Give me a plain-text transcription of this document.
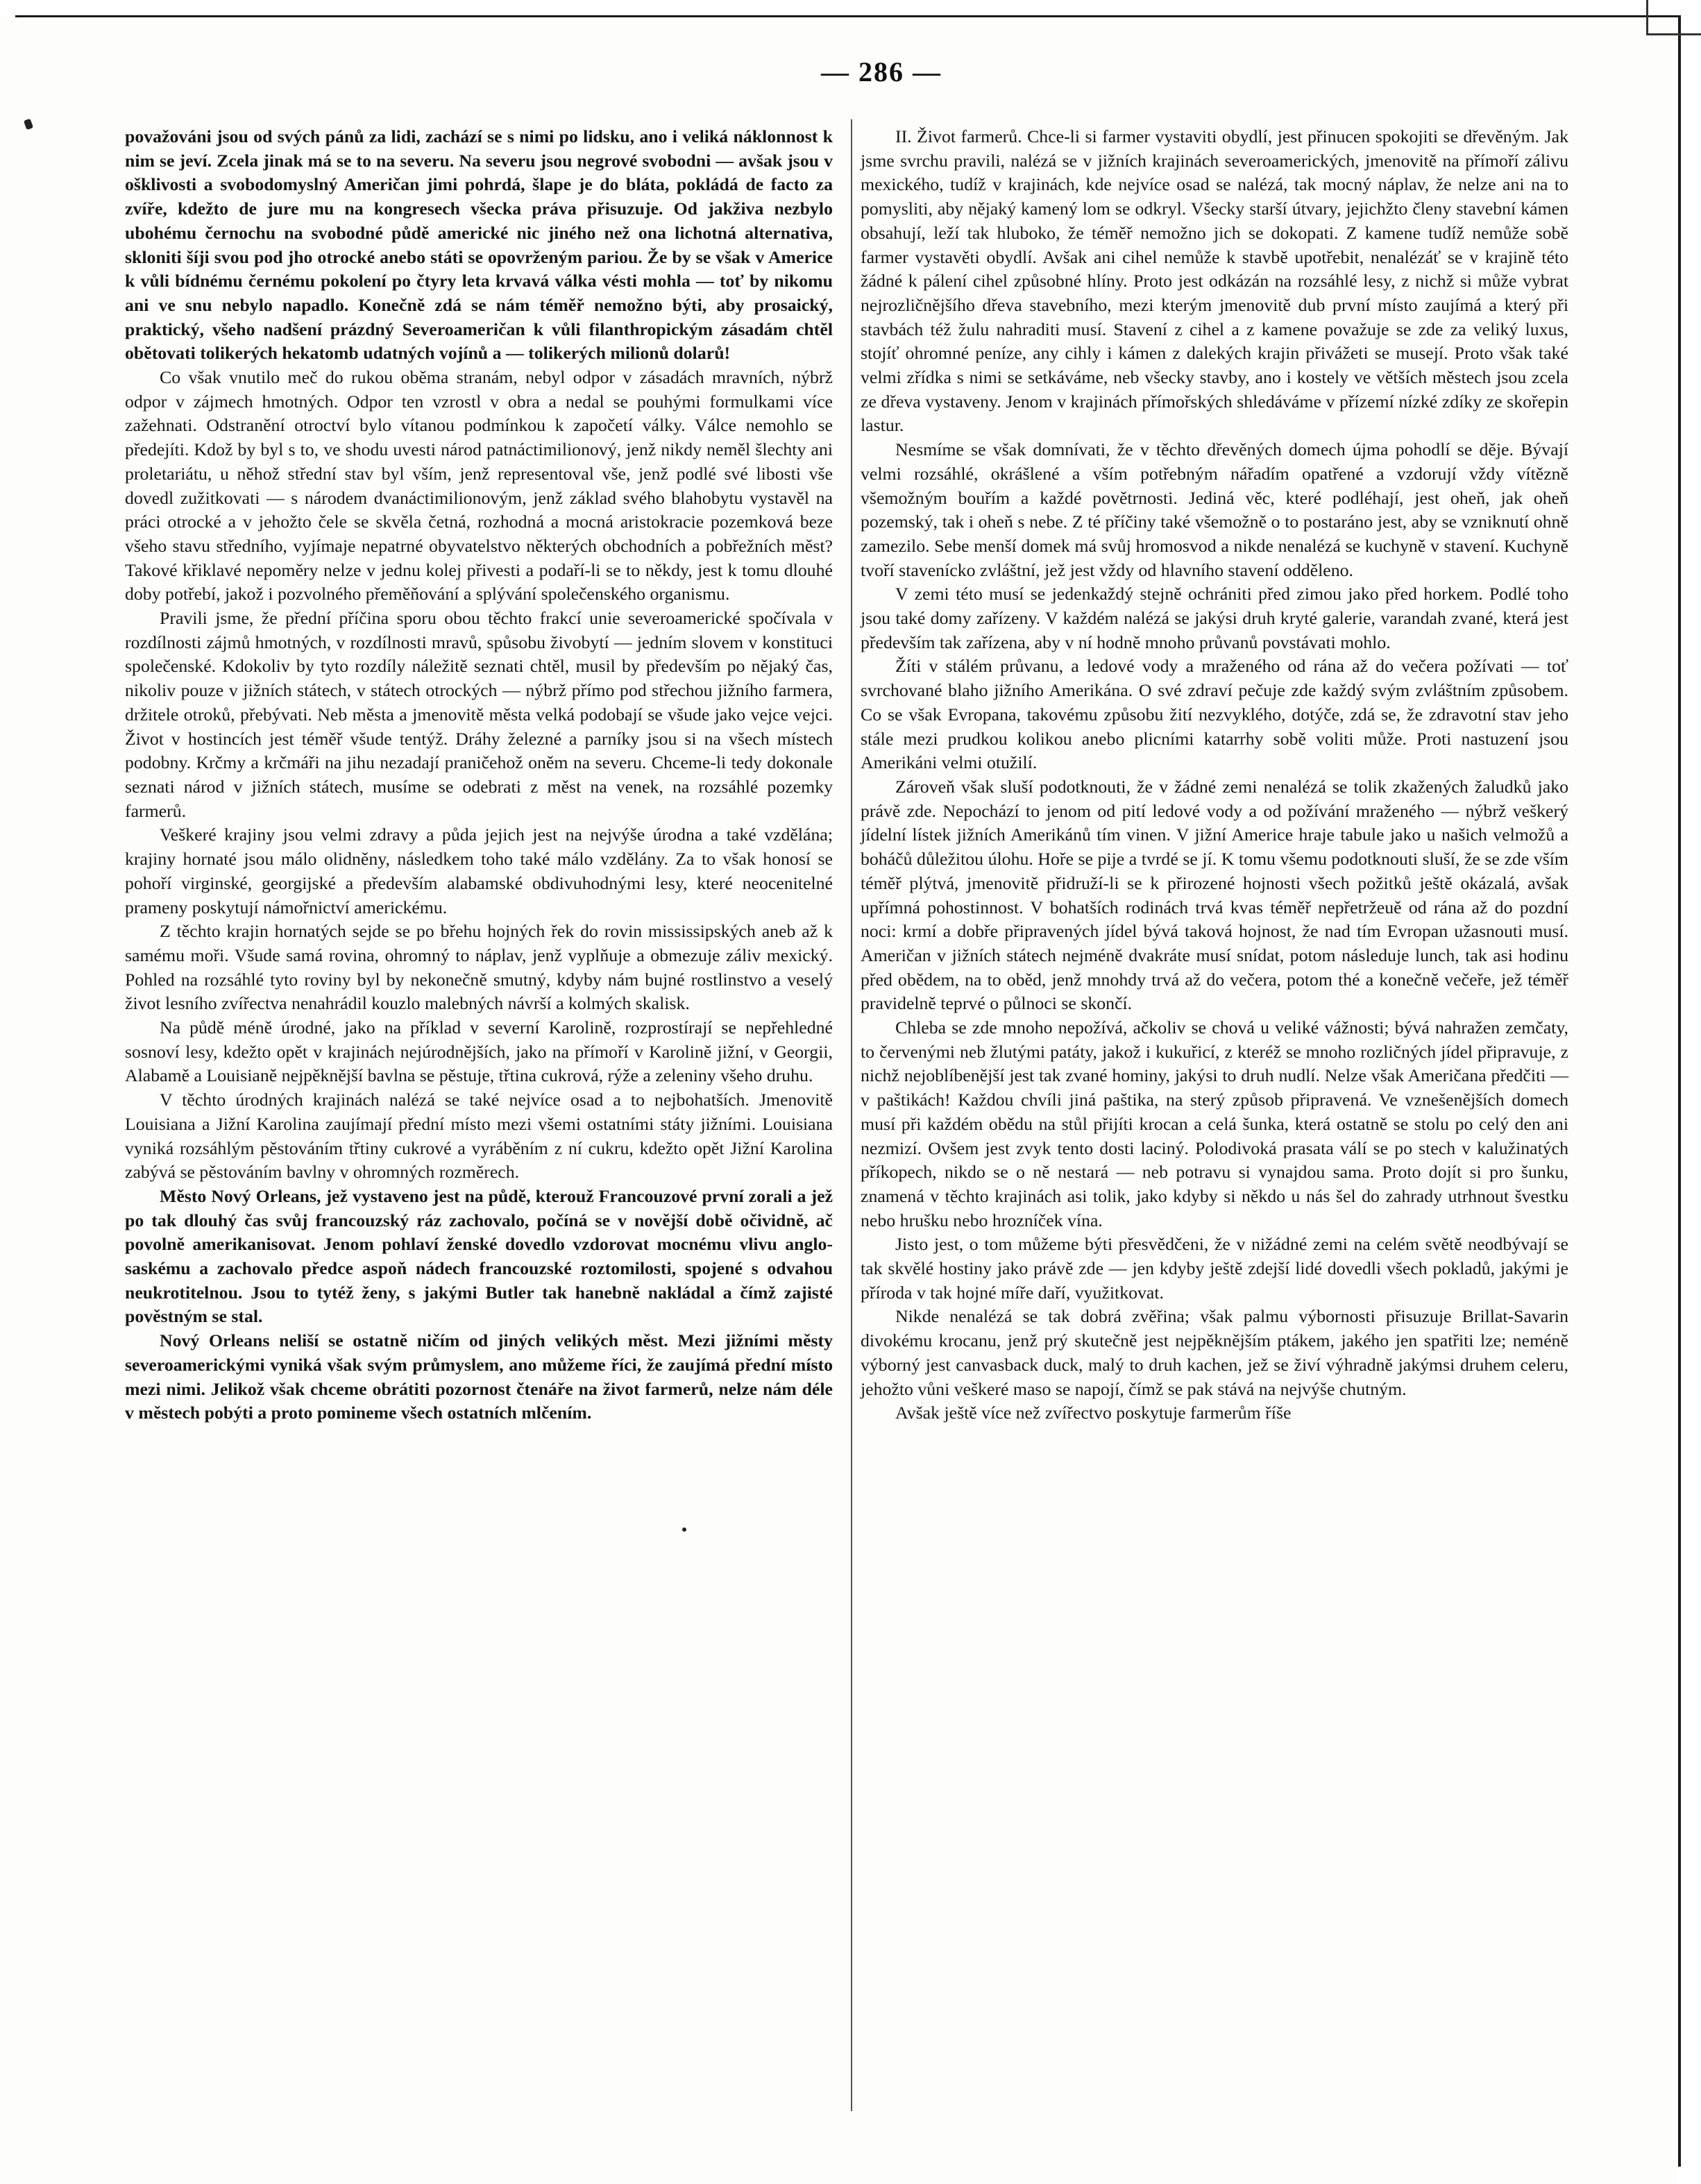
— 286 —

považováni jsou od svých pánů za lidi, zachází se s nimi po lidsku, ano i veliká náklonnost k nim se jeví. Zcela jinak má se to na severu. Na severu jsou negrové svobodni — avšak jsou v ošklivosti a svobodomyslný Američan jimi pohrdá, šlape je do bláta, pokládá de facto za zvíře, kdežto de jure mu na kongresech všecka práva přisuzuje. Od jakživa nezbylo ubohému černochu na svobodné půdě americké nic jiného než ona lichotná alternativa, skloniti šíji svou pod jho otrocké anebo státi se opovrženým pariou. Že by se však v Americe k vůli bídnému černému pokolení po čtyry leta krvavá válka vésti mohla — toť by nikomu ani ve snu nebylo napadlo. Konečně zdá se nám téměř nemožno býti, aby prosaický, praktický, všeho nadšení prázdný Severoameričan k vůli filanthropickým zásadám chtěl obětovati tolikerých hekatomb udatných vojínů a — tolikerých milionů dolarů!

Co však vnutilo meč do rukou oběma stranám, nebyl odpor v zásadách mravních, nýbrž odpor v zájmech hmotných. Odpor ten vzrostl v obra a nedal se pouhými formulkami více zažehnati. Odstranění otroctví bylo vítanou podmínkou k započetí války. Válce nemohlo se předejíti. Kdož by byl s to, ve shodu uvesti národ patnáctimilionový, jenž nikdy neměl šlechty ani proletariátu, u něhož střední stav byl vším, jenž representoval vše, jenž podlé své libosti vše dovedl zužitkovati — s národem dvanáctimilionovým, jenž základ svého blahobytu vystavěl na práci otrocké a v jehožto čele se skvěla četná, rozhodná a mocná aristokracie pozemková beze všeho stavu středního, vyjímaje nepatrné obyvatelstvo některých obchodních a pobřežních měst? Takové křiklavé nepoměry nelze v jednu kolej přivesti a podaří-li se to někdy, jest k tomu dlouhé doby potřebí, jakož i pozvolného přeměňování a splývání společenského organismu.

Pravili jsme, že přední příčina sporu obou těchto frakcí unie severoamerické spočívala v rozdílnosti zájmů hmotných, v rozdílnosti mravů, spůsobu živobytí — jedním slovem v konstituci společenské. Kdokoliv by tyto rozdíly náležitě seznati chtěl, musil by především po nějaký čas, nikoliv pouze v jižních státech, v státech otrockých — nýbrž přímo pod střechou jižního farmera, držitele otroků, přebývati. Neb města a jmenovitě města velká podobají se všude jako vejce vejci. Život v hostincích jest téměř všude tentýž. Dráhy železné a parníky jsou si na všech místech podobny. Krčmy a krčmáři na jihu nezadají praničehož oněm na severu. Chceme-li tedy dokonale seznati národ v jižních státech, musíme se odebrati z měst na venek, na rozsáhlé pozemky farmerů.

Veškeré krajiny jsou velmi zdravy a půda jejich jest na nejvýše úrodna a také vzdělána; krajiny hornaté jsou málo olidněny, následkem toho také málo vzdělány. Za to však honosí se pohoří virginské, georgijské a především alabamské obdivuhodnými lesy, které neocenitelné prameny poskytují námořnictví americkému.

Z těchto krajin hornatých sejde se po břehu hojných řek do rovin mississipských aneb až k samému moři. Všude samá rovina, ohromný to náplav, jenž vyplňuje a obmezuje záliv mexický. Pohled na rozsáhlé tyto roviny byl by nekonečně smutný, kdyby nám bujné rostlinstvo a veselý život lesního zvířectva nenahrádil kouzlo malebných návrší a kolmých skalisk.

Na půdě méně úrodné, jako na příklad v severní Karolině, rozprostírají se nepřehledné sosnoví lesy, kdežto opět v krajinách nejúrodnějších, jako na přímoří v Karolině jižní, v Georgii, Alabamě a Louisianě nejpěknější bavlna se pěstuje, třtina cukrová, rýže a zeleniny všeho druhu.

V těchto úrodných krajinách nalézá se také nejvíce osad a to nejbohatších. Jmenovitě Louisiana a Jižní Karolina zaujímají přední místo mezi všemi ostatními státy jižními. Louisiana vyniká rozsáhlým pěstováním třtiny cukrové a vyráběním z ní cukru, kdežto opět Jižní Karolina zabývá se pěstováním bavlny v ohromných rozměrech.

Město Nový Orleans, jež vystaveno jest na půdě, kterouž Francouzové první zorali a jež po tak dlouhý čas svůj francouzský ráz zachovalo, počíná se v novější době očividně, ač povolně amerikanisovat. Jenom pohlaví ženské dovedlo vzdorovat mocnému vlivu anglo-saskému a zachovalo předce aspoň nádech francouzské roztomilosti, spojené s odvahou neukrotitelnou. Jsou to tytéž ženy, s jakými Butler tak hanebně nakládal a čímž zajisté pověstným se stal.

Nový Orleans neliší se ostatně ničím od jiných velikých měst. Mezi jižními městy severoamerickými vyniká však svým průmyslem, ano můžeme říci, že zaujímá přední místo mezi nimi. Jelikož však chceme obrátiti pozornost čtenáře na život farmerů, nelze nám déle v městech pobýti a proto pomineme všech ostatních mlčením.

II. Život farmerů. Chce-li si farmer vystaviti obydlí, jest přinucen spokojiti se dřevěným. Jak jsme svrchu pravili, nalézá se v jižních krajinách severoamerických, jmenovitě na přímoří zálivu mexického, tudíž v krajinách, kde nejvíce osad se nalézá, tak mocný náplav, že nelze ani na to pomysliti, aby nějaký kamený lom se odkryl. Všecky starší útvary, jejichžto členy stavební kámen obsahují, leží tak hluboko, že téměř nemožno jich se dokopati. Z kamene tudíž nemůže sobě farmer vystavěti obydlí. Avšak ani cihel nemůže k stavbě upotřebit, nenalézáť se v krajině této žádné k pálení cihel způsobné hlíny. Proto jest odkázán na rozsáhlé lesy, z nichž si může vybrat nejrozličnějšího dřeva stavebního, mezi kterým jmenovitě dub první místo zaujímá a který při stavbách též žulu nahraditi musí. Stavení z cihel a z kamene považuje se zde za veliký luxus, stojíť ohromné peníze, any cihly i kámen z dalekých krajin přivážeti se musejí. Proto však také velmi zřídka s nimi se setkáváme, neb všecky stavby, ano i kostely ve větších městech jsou zcela ze dřeva vystaveny. Jenom v krajinách přímořských shledáváme v přízemí nízké zdíky ze skořepin lastur.

Nesmíme se však domnívati, že v těchto dřevěných domech újma pohodlí se děje. Bývají velmi rozsáhlé, okrášlené a vším potřebným nářadím opatřené a vzdorují vždy vítězně všemožným bouřím a každé povětrnosti. Jediná věc, které podléhají, jest oheň, jak oheň pozemský, tak i oheň s nebe. Z té příčiny také všemožně o to postaráno jest, aby se vzniknutí ohně zamezilo. Sebe menší domek má svůj hromosvod a nikde nenalézá se kuchyně v stavení. Kuchyně tvoří stavenícko zvláštní, jež jest vždy od hlavního stavení odděleno.

V zemi této musí se jedenkaždý stejně ochrániti před zimou jako před horkem. Podlé toho jsou také domy zařízeny. V každém nalézá se jakýsi druh kryté galerie, varandah zvané, která jest především tak zařízena, aby v ní hodně mnoho průvanů povstávati mohlo.

Žíti v stálém průvanu, a ledové vody a mraženého od rána až do večera požívati — toť svrchované blaho jižního Amerikána. O své zdraví pečuje zde každý svým zvláštním způsobem. Co se však Evropana, takovému způsobu žití nezvyklého, dotýče, zdá se, že zdravotní stav jeho stále mezi prudkou kolikou anebo plicními katarrhy sobě voliti může. Proti nastuzení jsou Amerikáni velmi otužilí.

Zároveň však sluší podotknouti, že v žádné zemi nenalézá se tolik zkažených žaludků jako právě zde. Nepochází to jenom od pití ledové vody a od požívání mraženého — nýbrž veškerý jídelní lístek jižních Amerikánů tím vinen. V jižní Americe hraje tabule jako u našich velmožů a boháčů důležitou úlohu. Hoře se pije a tvrdé se jí. K tomu všemu podotknouti sluší, že se zde vším téměř plýtvá, jmenovitě přidruží-li se k přirozené hojnosti všech požitků ještě okázalá, avšak upřímná pohostinnost. V bohatších rodinách trvá kvas téměř nepřetržeuě od rána až do pozdní noci: krmí a dobře připravených jídel bývá taková hojnost, že nad tím Evropan užasnouti musí. Američan v jižních státech nejméně dvakráte musí snídat, potom následuje lunch, tak asi hodinu před obědem, na to oběd, jenž mnohdy trvá až do večera, potom thé a konečně večeře, jež téměř pravidelně teprvé o půlnoci se skončí.

Chleba se zde mnoho nepožívá, ačkoliv se chová u veliké vážnosti; bývá nahražen zemčaty, to červenými neb žlutými patáty, jakož i kukuřicí, z kteréž se mnoho rozličných jídel připravuje, z nichž nejoblíbenější jest tak zvané hominy, jakýsi to druh nudlí. Nelze však Američana předčiti — v paštikách! Každou chvíli jiná paštika, na sterý způsob připravená. Ve vznešenějších domech musí při každém obědu na stůl přijíti krocan a celá šunka, která ostatně se stolu po celý den ani nezmizí. Ovšem jest zvyk tento dosti laciný. Polodivoká prasata válí se po stech v kalužinatých příkopech, nikdo se o ně nestará — neb potravu si vynajdou sama. Proto dojít si pro šunku, znamená v těchto krajinách asi tolik, jako kdyby si někdo u nás šel do zahrady utrhnout švestku nebo hrušku nebo hrozníček vína.

Jisto jest, o tom můžeme býti přesvědčeni, že v nižádné zemi na celém světě neodbývají se tak skvělé hostiny jako právě zde — jen kdyby ještě zdejší lidé dovedli všech pokladů, jakými je příroda v tak hojné míře daří, využitkovat.

Nikde nenalézá se tak dobrá zvěřina; však palmu výbornosti přisuzuje Brillat-Savarin divokému krocanu, jenž prý skutečně jest nejpěknějším ptákem, jakého jen spatřiti lze; neméně výborný jest canvasback duck, malý to druh kachen, jež se živí výhradně jakýmsi druhem celeru, jehožto vůni veškeré maso se napojí, čímž se pak stává na nejvýše chutným.

Avšak ještě více než zvířectvo poskytuje farmerům říše
